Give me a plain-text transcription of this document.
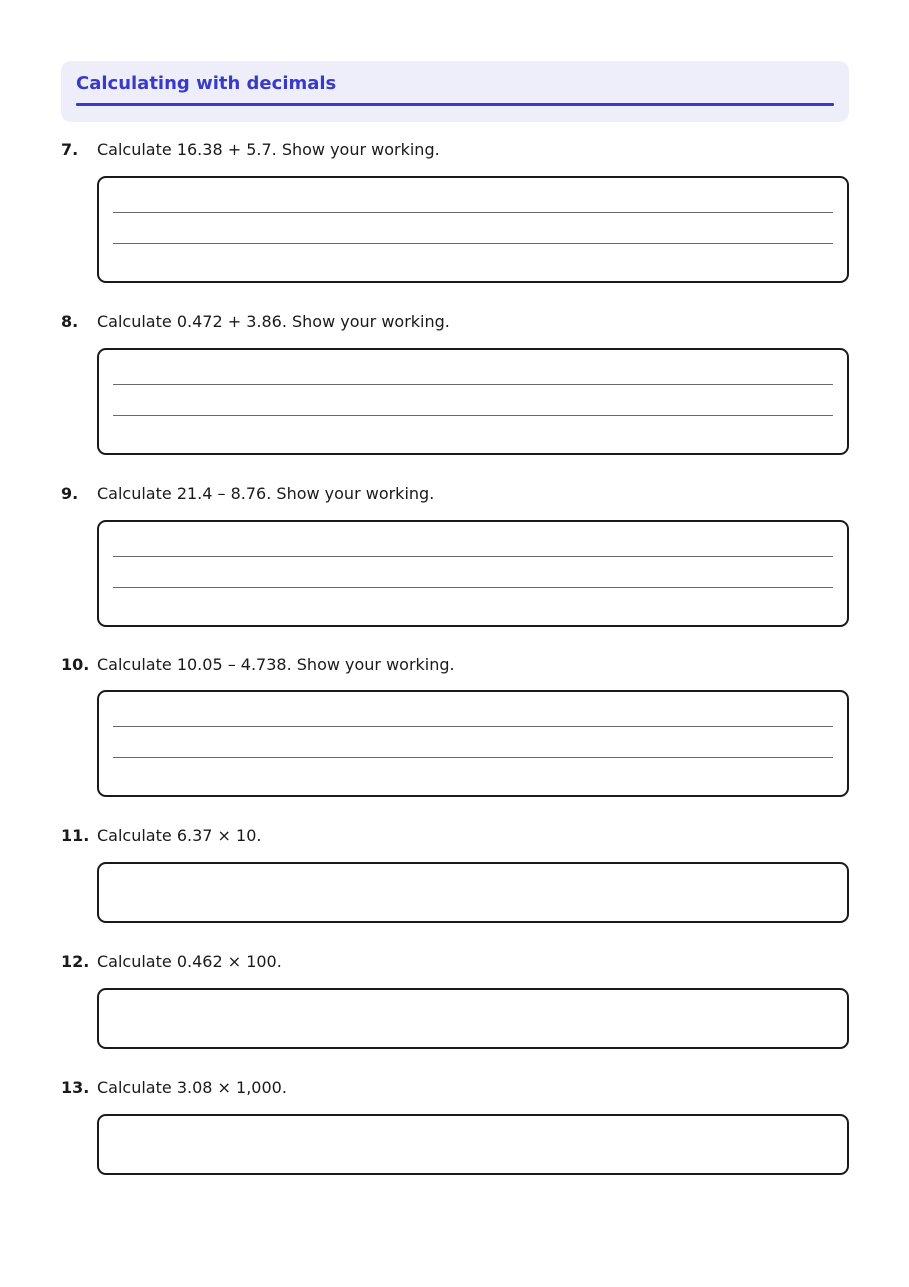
Calculating with decimals
7. Calculate 16.38 + 5.7. Show your working.
8. Calculate 0.472 + 3.86. Show your working.
9. Calculate 21.4 – 8.76. Show your working.
10. Calculate 10.05 – 4.738. Show your working.
11. Calculate 6.37 × 10.
12. Calculate 0.462 × 100.
13. Calculate 3.08 × 1,000.
